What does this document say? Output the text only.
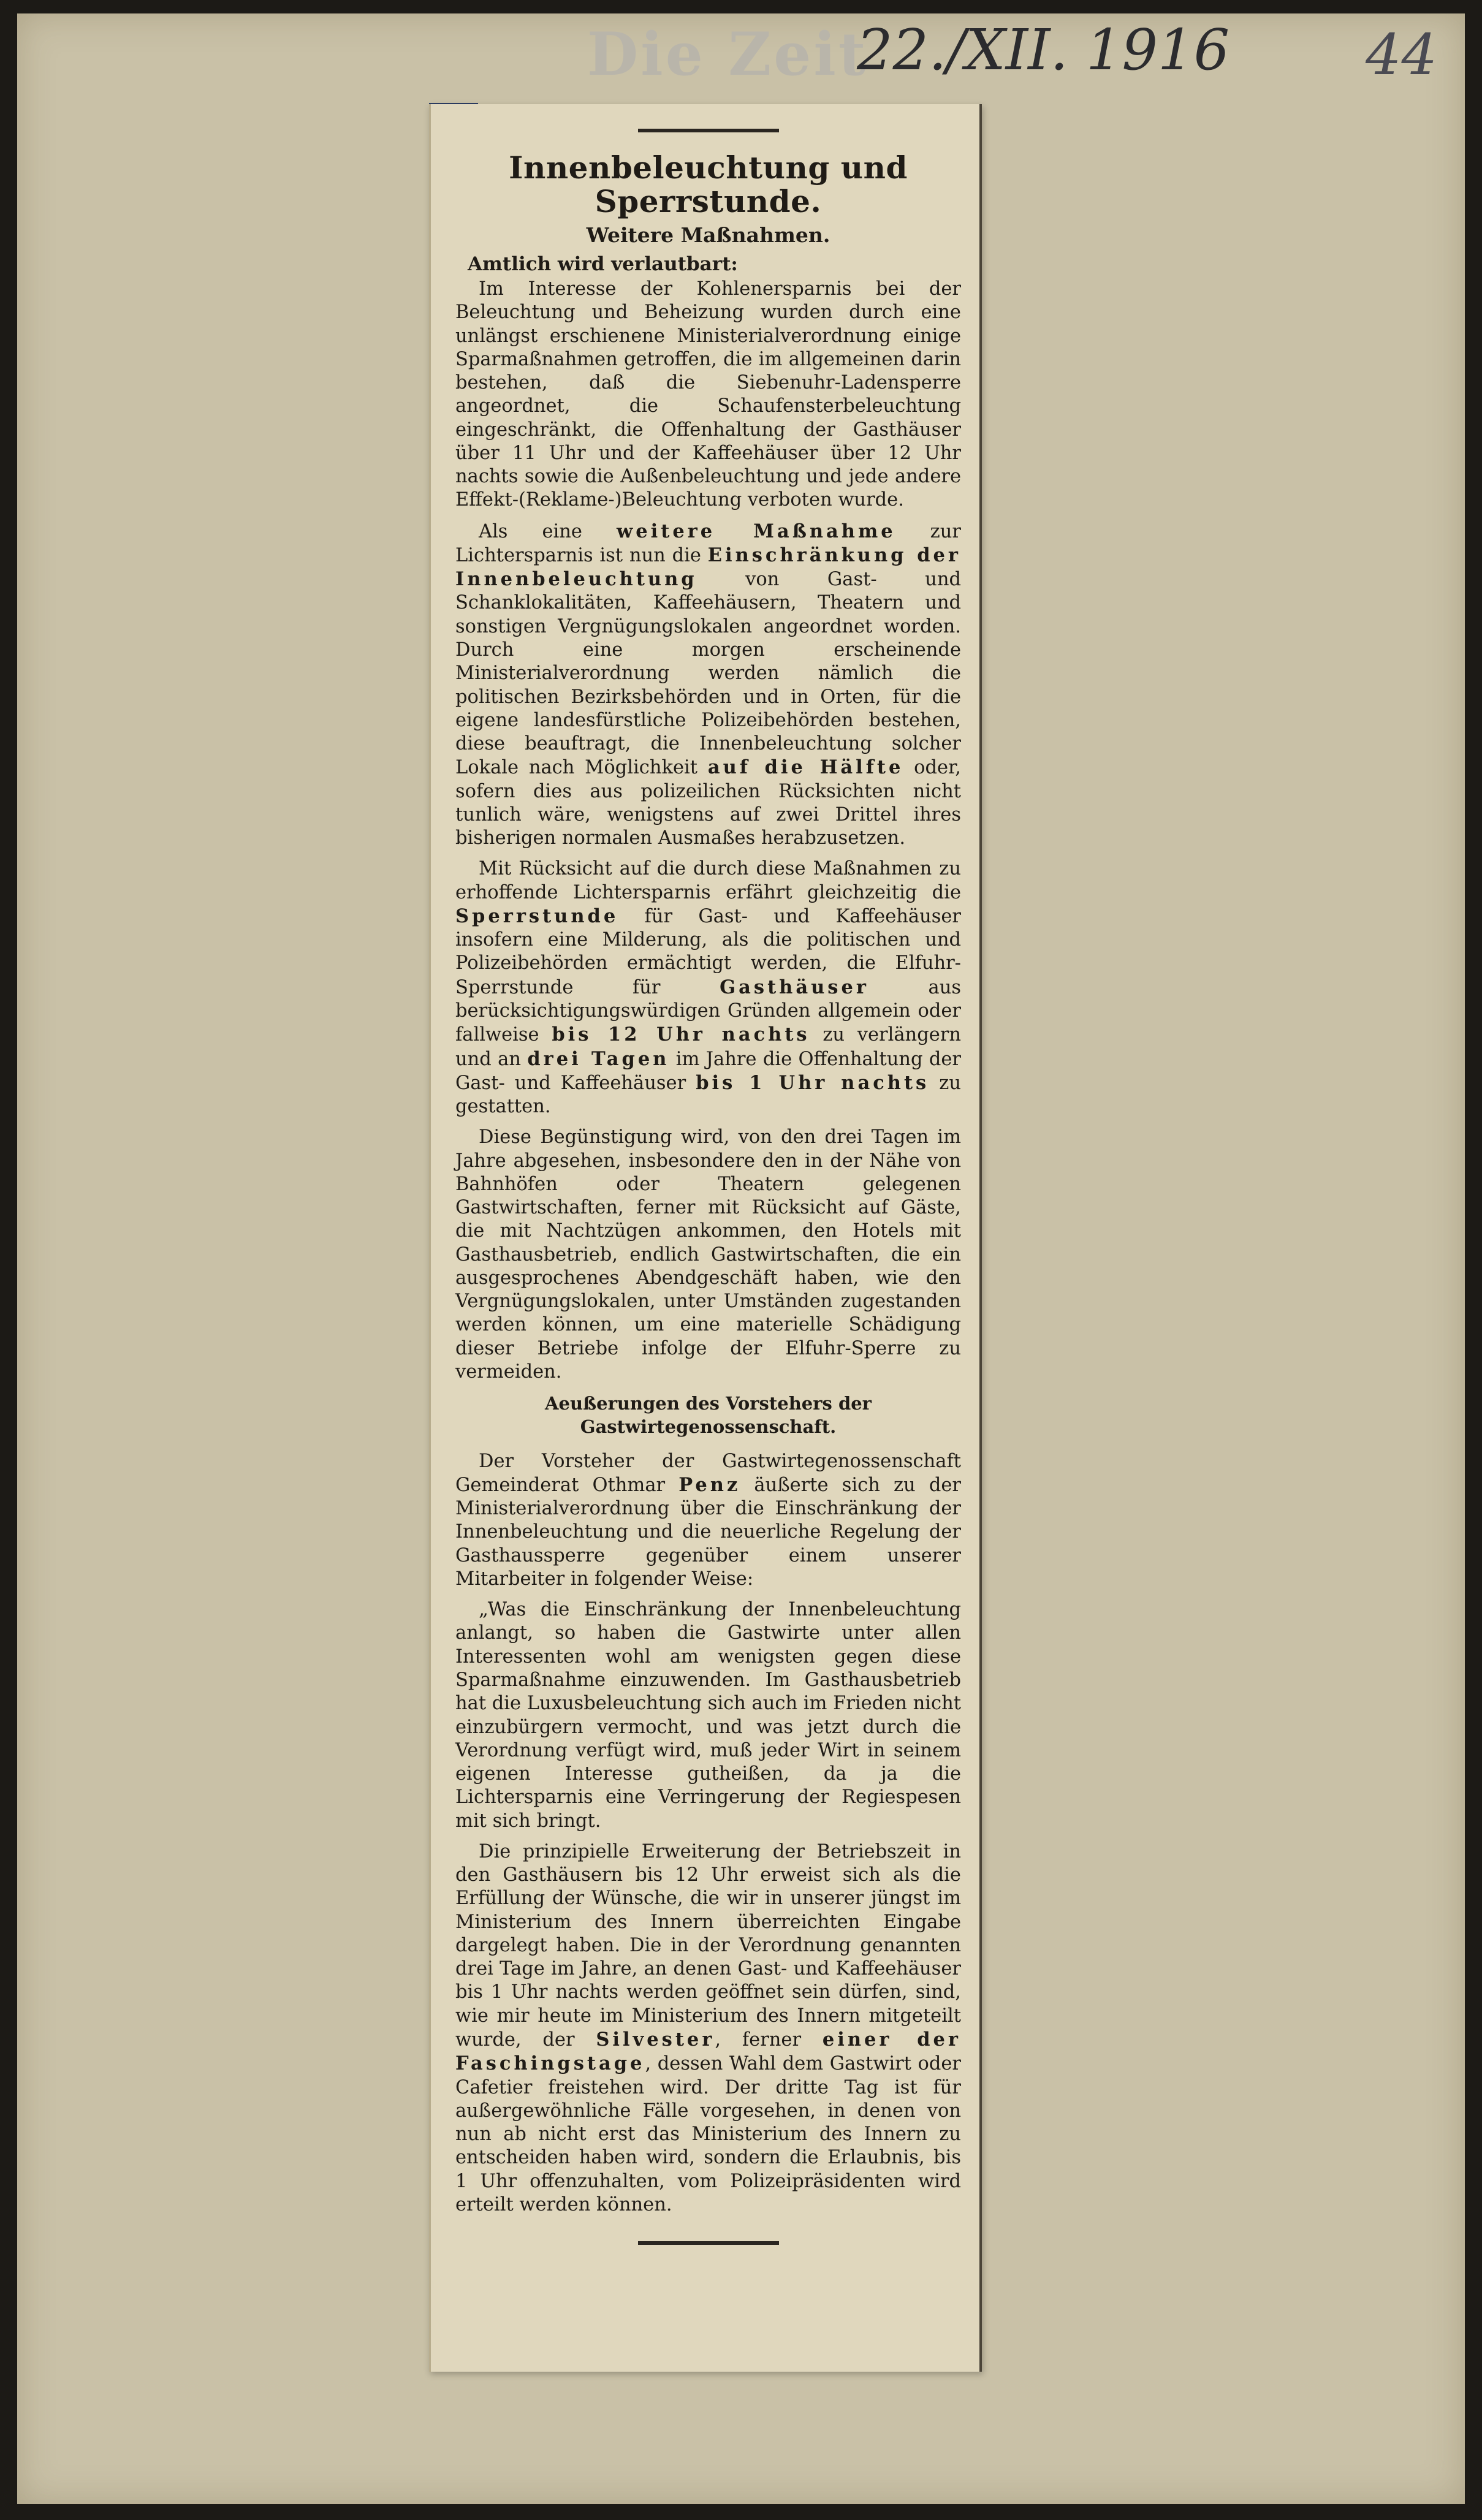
Die Zeit
22./XII. 1916 44
Innenbeleuchtung und Sperrstunde.
Weitere Maßnahmen.
Amtlich wird verlautbart:

Im Interesse der Kohlenersparnis bei der Beleuchtung und Beheizung wurden durch eine unlängst erschienene Ministerialverordnung einige Sparmaßnahmen getroffen, die im allgemeinen darin bestehen, daß die Siebenuhr-Ladensperre angeordnet, die Schaufensterbeleuchtung eingeschränkt, die Offenhaltung der Gasthäuser über 11 Uhr und der Kaffeehäuser über 12 Uhr nachts sowie die Außenbeleuchtung und jede andere Effekt-(Reklame-)Beleuchtung verboten wurde.

Als eine weitere Maßnahme zur Lichtersparnis ist nun die Einschränkung der Innenbeleuchtung von Gast- und Schanklokalitäten, Kaffeehäusern, Theatern und sonstigen Vergnügungslokalen angeordnet worden. Durch eine morgen erscheinende Ministerialverordnung werden nämlich die politischen Bezirksbehörden und in Orten, für die eigene landesfürstliche Polizeibehörden bestehen, diese beauftragt, die Innenbeleuchtung solcher Lokale nach Möglichkeit auf die Hälfte oder, sofern dies aus polizeilichen Rücksichten nicht tunlich wäre, wenigstens auf zwei Drittel ihres bisherigen normalen Ausmaßes herabzusetzen.

Mit Rücksicht auf die durch diese Maßnahmen zu erhoffende Lichtersparnis erfährt gleichzeitig die Sperrstunde für Gast- und Kaffeehäuser insofern eine Milderung, als die politischen und Polizeibehörden ermächtigt werden, die Elfuhr-Sperrstunde für Gasthäuser aus berücksichtigungswürdigen Gründen allgemein oder fallweise bis 12 Uhr nachts zu verlängern und an drei Tagen im Jahre die Offenhaltung der Gast- und Kaffeehäuser bis 1 Uhr nachts zu gestatten.

Diese Begünstigung wird, von den drei Tagen im Jahre abgesehen, insbesondere den in der Nähe von Bahnhöfen oder Theatern gelegenen Gastwirtschaften, ferner mit Rücksicht auf Gäste, die mit Nachtzügen ankommen, den Hotels mit Gasthausbetrieb, endlich Gastwirtschaften, die ein ausgesprochenes Abendgeschäft haben, wie den Vergnügungslokalen, unter Umständen zugestanden werden können, um eine materielle Schädigung dieser Betriebe infolge der Elfuhr-Sperre zu vermeiden.

Aeußerungen des Vorstehers der Gastwirtegenossenschaft.

Der Vorsteher der Gastwirtegenossenschaft Gemeinderat Othmar Penz äußerte sich zu der Ministerialverordnung über die Einschränkung der Innenbeleuchtung und die neuerliche Regelung der Gasthaussperre gegenüber einem unserer Mitarbeiter in folgender Weise:

„Was die Einschränkung der Innenbeleuchtung anlangt, so haben die Gastwirte unter allen Interessenten wohl am wenigsten gegen diese Sparmaßnahme einzuwenden. Im Gasthausbetrieb hat die Luxusbeleuchtung sich auch im Frieden nicht einzubürgern vermocht, und was jetzt durch die Verordnung verfügt wird, muß jeder Wirt in seinem eigenen Interesse gutheißen, da ja die Lichtersparnis eine Verringerung der Regiespesen mit sich bringt.

Die prinzipielle Erweiterung der Betriebszeit in den Gasthäusern bis 12 Uhr erweist sich als die Erfüllung der Wünsche, die wir in unserer jüngst im Ministerium des Innern überreichten Eingabe dargelegt haben. Die in der Verordnung genannten drei Tage im Jahre, an denen Gast- und Kaffeehäuser bis 1 Uhr nachts werden geöffnet sein dürfen, sind, wie mir heute im Ministerium des Innern mitgeteilt wurde, der Silvester, ferner einer der Faschingstage, dessen Wahl dem Gastwirt oder Cafetier freistehen wird. Der dritte Tag ist für außergewöhnliche Fälle vorgesehen, in denen von nun ab nicht erst das Ministerium des Innern zu entscheiden haben wird, sondern die Erlaubnis, bis 1 Uhr offenzuhalten, vom Polizeipräsidenten wird erteilt werden können.
